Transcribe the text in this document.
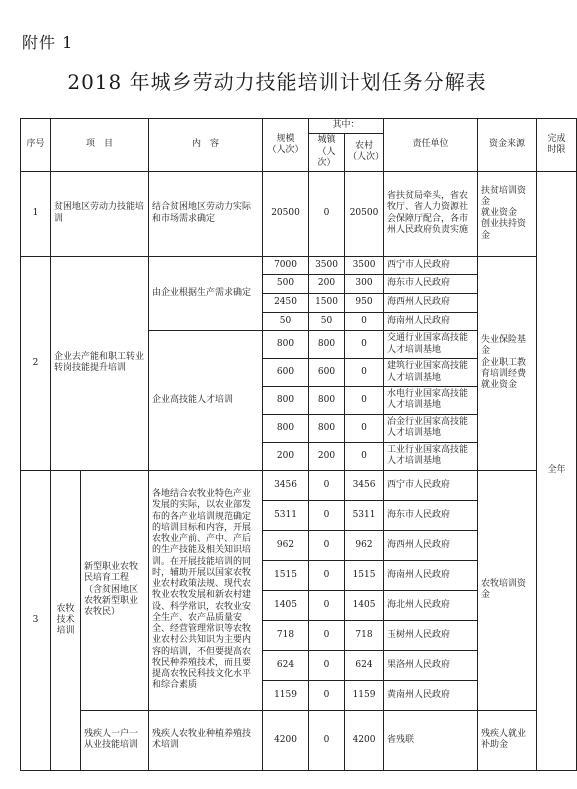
附件 1
2018 年城乡劳动力技能培训计划任务分解表
序号	项　目		内　容	规模
（人次）	其中：		责任单位	资金来源	完成
时限
					城镇
（人次）	农村
（人次）			
1	贫困地区劳动力技能培训		结合贫困地区劳动力实际和市场需求确定	20500	0	20500	省扶贫局牵头，省农牧厅、省人力资源社会保障厅配合，各市州人民政府负责实施	扶贫培训资金
就业资金
创业扶持资金	全年
2	企业去产能和职工转业转岗技能提升培训		由企业根据生产需求确定	7000	3500	3500	西宁市人民政府	失业保险基金
企业职工教育培训经费
就业资金	
				500	200	300	海东市人民政府		
				2450	1500	950	海西州人民政府		
				50	50	0	海南州人民政府		
			企业高技能人才培训	800	800	0	交通行业国家高技能人才培训基地		
				600	600	0	建筑行业国家高技能人才培训基地		
				800	800	0	水电行业国家高技能人才培训基地		
				800	800	0	冶金行业国家高技能人才培训基地		
				200	200	0	工业行业国家高技能人才培训基地		
3	农牧技术培训	新型职业农牧民培育工程（含贫困地区农牧新型职业农牧民）	各地结合农牧业特色产业发展的实际，以农业部发布的各产业培训规范确定的培训目标和内容，开展农牧业产前、产中、产后的生产技能及相关知识培训。在开展技能培训的同时，辅助开展以国家农牧业农村政策法规、现代农牧业农牧发展和新农村建设、科学常识，农牧业安全生产、农产品质量安全、经营管理常识等农牧业农村公共知识为主要内容的培训，不但要提高农牧民种养殖技术，而且要提高农牧民科技文化水平和综合素质	3456	0	3456	西宁市人民政府	农牧培训资金	
				5311	0	5311	海东市人民政府		
				962	0	962	海西州人民政府		
				1515	0	1515	海南州人民政府		
				1405	0	1405	海北州人民政府		
				718	0	718	玉树州人民政府		
				624	0	624	果洛州人民政府		
				1159	0	1159	黄南州人民政府		
		残疾人一户一从业技能培训	残疾人农牧业种植养殖技术培训	4200	0	4200	省残联	残疾人就业补助金	
